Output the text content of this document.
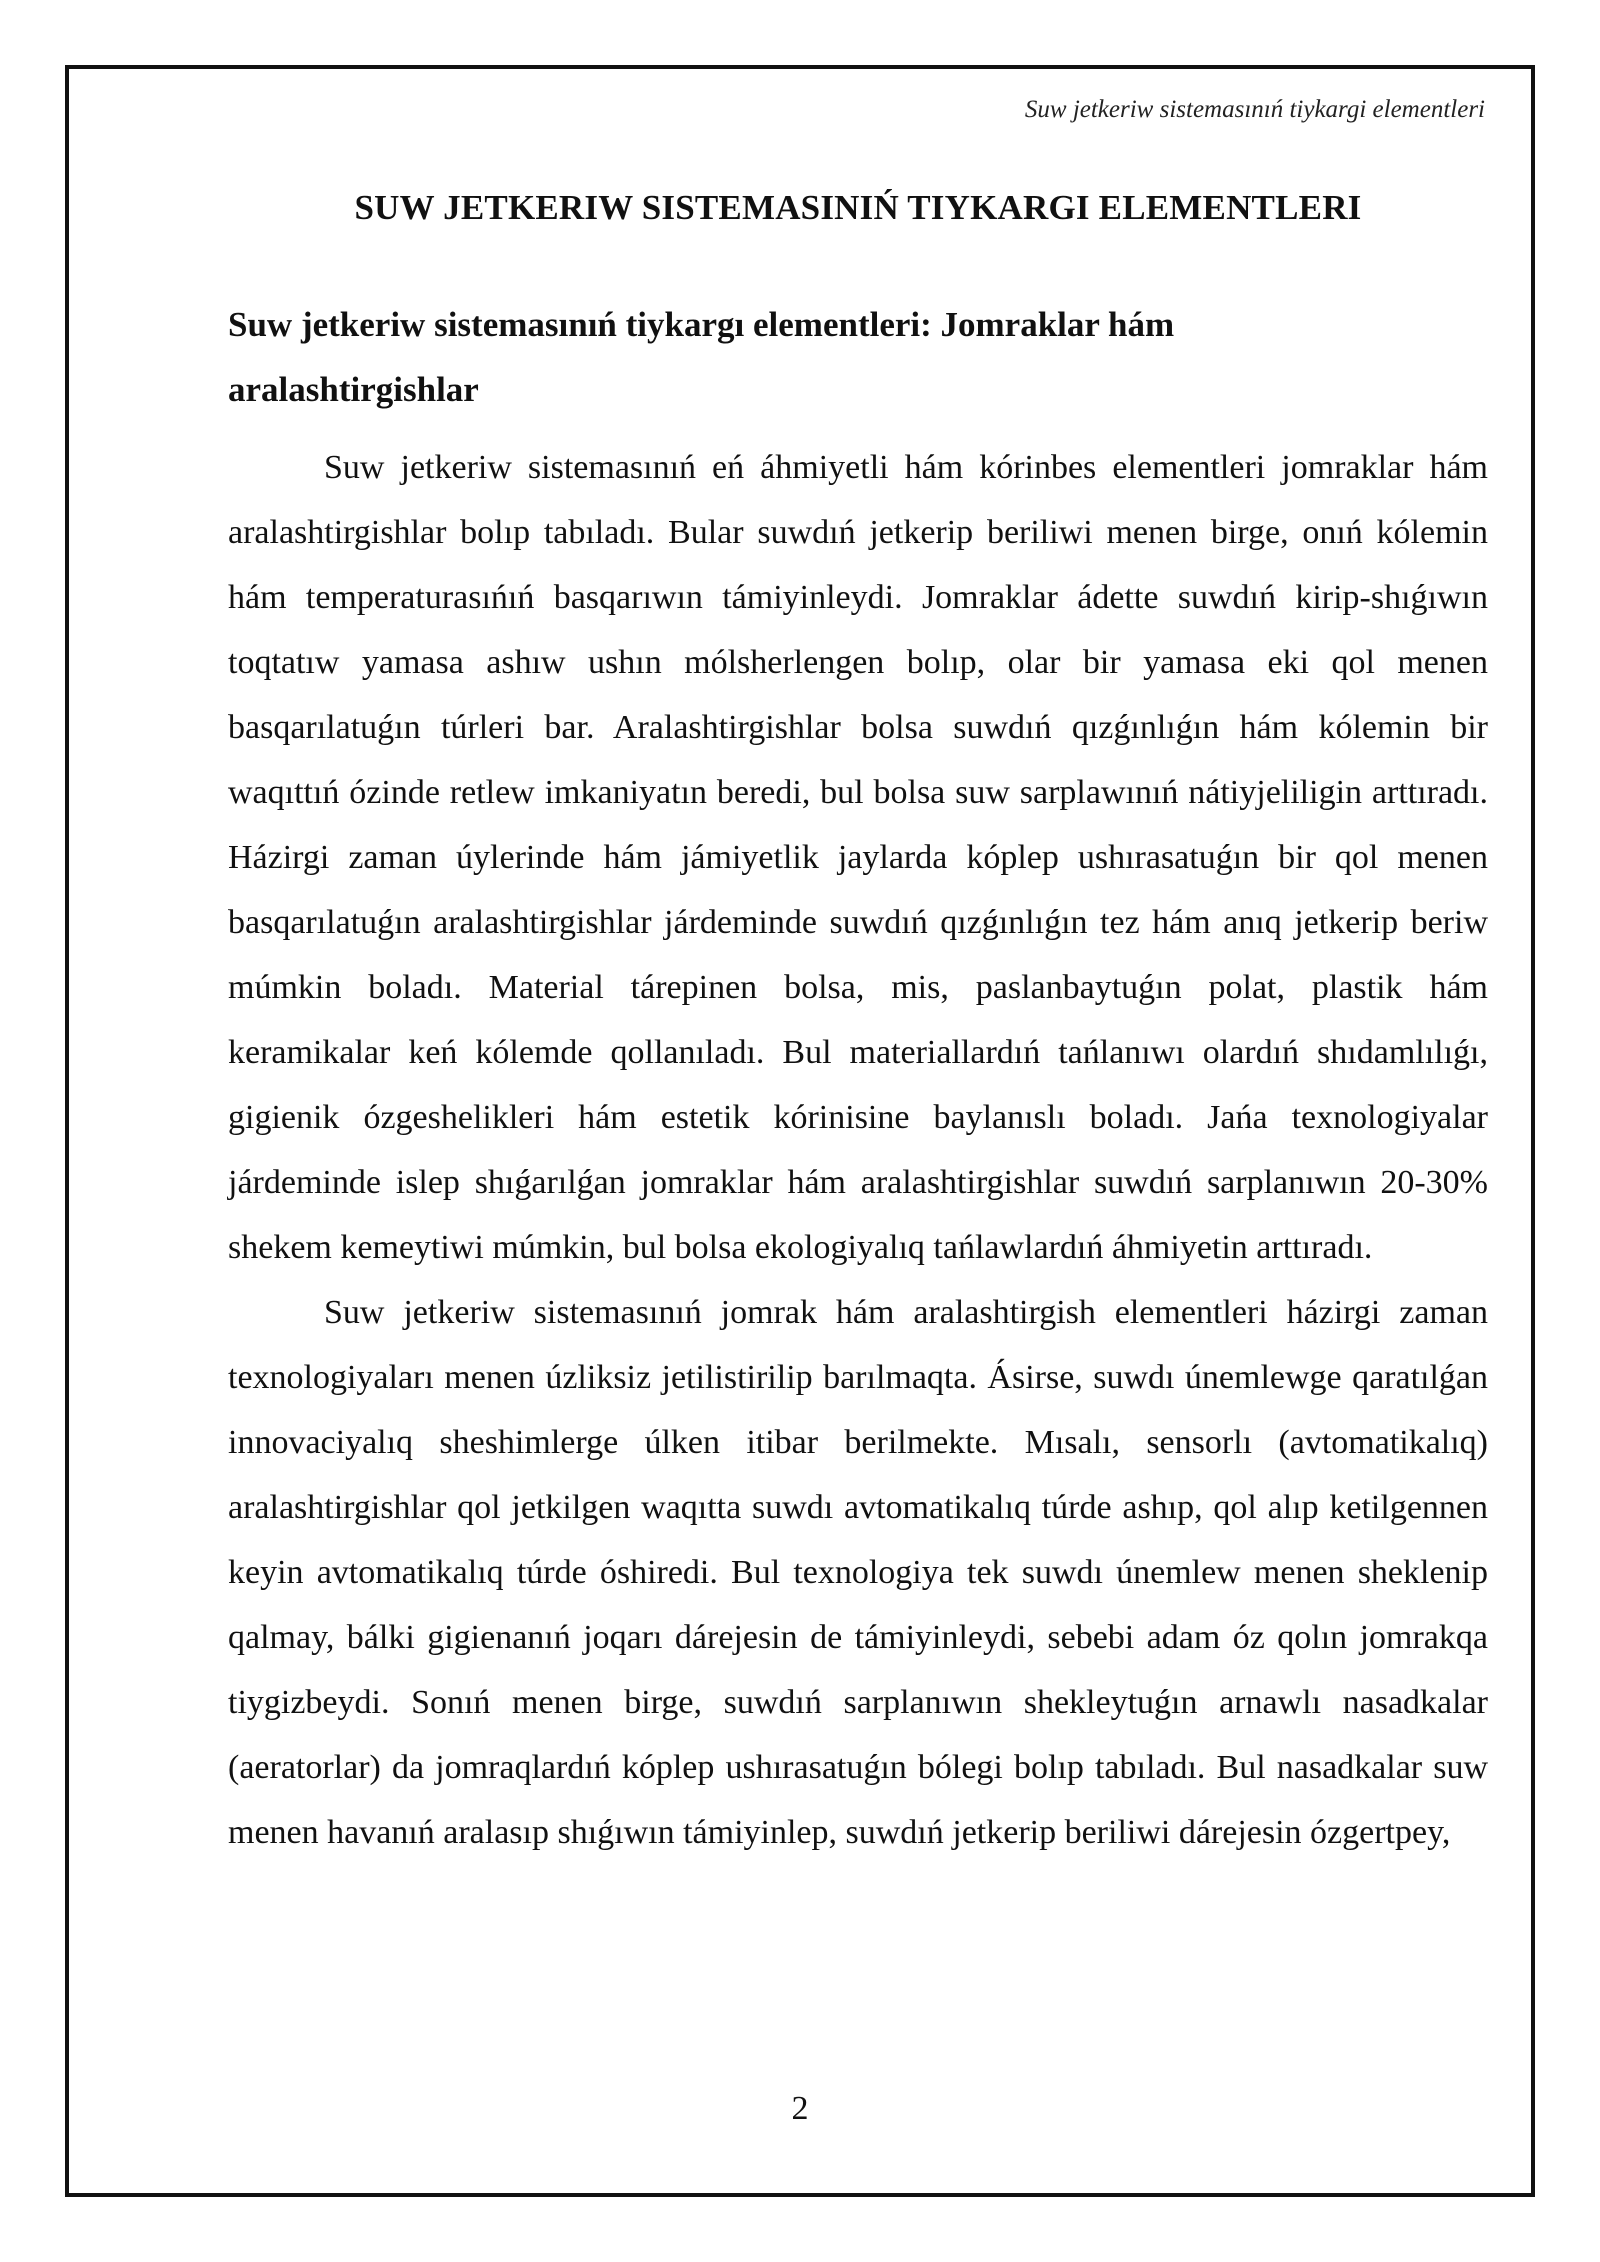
Suw jetkeriw sistemasınıń tiykargi elementleri
SUW JETKERIW SISTEMASINIŃ TIYKARGI ELEMENTLERI
Suw jetkeriw sistemasınıń tiykargı elementleri: Jomraklar hám aralashtirgishlar

Suw jetkeriw sistemasınıń eń áhmiyetli hám kórinbes elementleri jomraklar hám aralashtirgishlar bolıp tabıladı. Bular suwdıń jetkerip beriliwi menen birge, onıń kólemin hám temperaturasıńıń basqarıwın támiyinleydi. Jomraklar ádette suwdıń kirip-shıǵıwın toqtatıw yamasa ashıw ushın mólsherlengen bolıp, olar bir yamasa eki qol menen basqarılatuǵın túrleri bar. Aralashtirgishlar bolsa suwdıń qızǵınlıǵın hám kólemin bir waqıttıń ózinde retlew imkaniyatın beredi, bul bolsa suw sarplawınıń nátiyjeliligin arttıradı. Házirgi zaman úylerinde hám jámiyetlik jaylarda kóplep ushırasatuǵın bir qol menen basqarılatuǵın aralashtirgishlar járdeminde suwdıń qızǵınlıǵın tez hám anıq jetkerip beriw múmkin boladı. Material tárepinen bolsa, mis, paslanbaytuǵın polat, plastik hám keramikalar keń kólemde qollanıladı. Bul materiallardıń tańlanıwı olardıń shıdamlılıǵı, gigienik ózgeshelikleri hám estetik kórinisine baylanıslı boladı. Jańa texnologiyalar járdeminde islep shıǵarılǵan jomraklar hám aralashtirgishlar suwdıń sarplanıwın 20-30% shekem kemeytiwi múmkin, bul bolsa ekologiyalıq tańlawlardıń áhmiyetin arttıradı.

Suw jetkeriw sistemasınıń jomrak hám aralashtirgish elementleri házirgi zaman texnologiyaları menen úzliksiz jetilistirilip barılmaqta. Ásirse, suwdı únemlewge qaratılǵan innovaciyalıq sheshimlerge úlken itibar berilmekte. Mısalı, sensorlı (avtomatikalıq) aralashtirgishlar qol jetkilgen waqıtta suwdı avtomatikalıq túrde ashıp, qol alıp ketilgennen keyin avtomatikalıq túrde óshiredi. Bul texnologiya tek suwdı únemlew menen sheklenip qalmay, bálki gigienanıń joqarı dárejesin de támiyinleydi, sebebi adam óz qolın jomrakqa tiygizbeydi. Sonıń menen birge, suwdıń sarplanıwın shekleytuǵın arnawlı nasadkalar (aeratorlar) da jomraqlardıń kóplep ushırasatuǵın bólegi bolıp tabıladı. Bul nasadkalar suw menen havanıń aralasıp shıǵıwın támiyinlep, suwdıń jetkerip beriliwi dárejesin ózgertpey,

2
